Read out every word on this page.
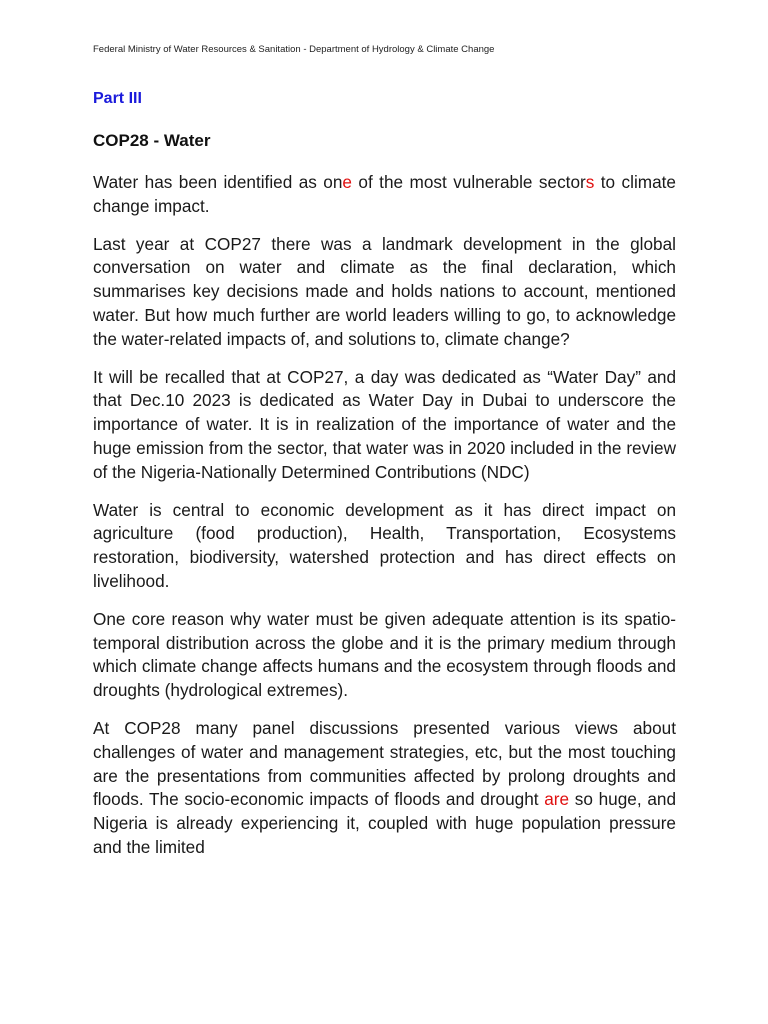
Federal Ministry of Water Resources & Sanitation - Department of Hydrology & Climate Change
Part III
COP28 - Water

Water has been identified as one of the most vulnerable sectors to climate change impact.

Last year at COP27 there was a landmark development in the global conversation on water and climate as the final declaration, which summarises key decisions made and holds nations to account, mentioned water. But how much further are world leaders willing to go, to acknowledge the water-related impacts of, and solutions to, climate change?

It will be recalled that at COP27, a day was dedicated as “Water Day” and that Dec.10 2023 is dedicated as Water Day in Dubai to underscore the importance of water. It is in realization of the importance of water and the huge emission from the sector, that water was in 2020 included in the review of the Nigeria-Nationally Determined Contributions (NDC)

Water is central to economic development as it has direct impact on agriculture (food production), Health, Transportation, Ecosystems restoration, biodiversity, watershed protection and has direct effects on livelihood.

One core reason why water must be given adequate attention is its spatio-temporal distribution across the globe and it is the primary medium through which climate change affects humans and the ecosystem through floods and droughts (hydrological extremes).

At COP28 many panel discussions presented various views about challenges of water and management strategies, etc, but the most touching are the presentations from communities affected by prolong droughts and floods. The socio-economic impacts of floods and drought are so huge, and Nigeria is already experiencing it, coupled with huge population pressure and the limited
